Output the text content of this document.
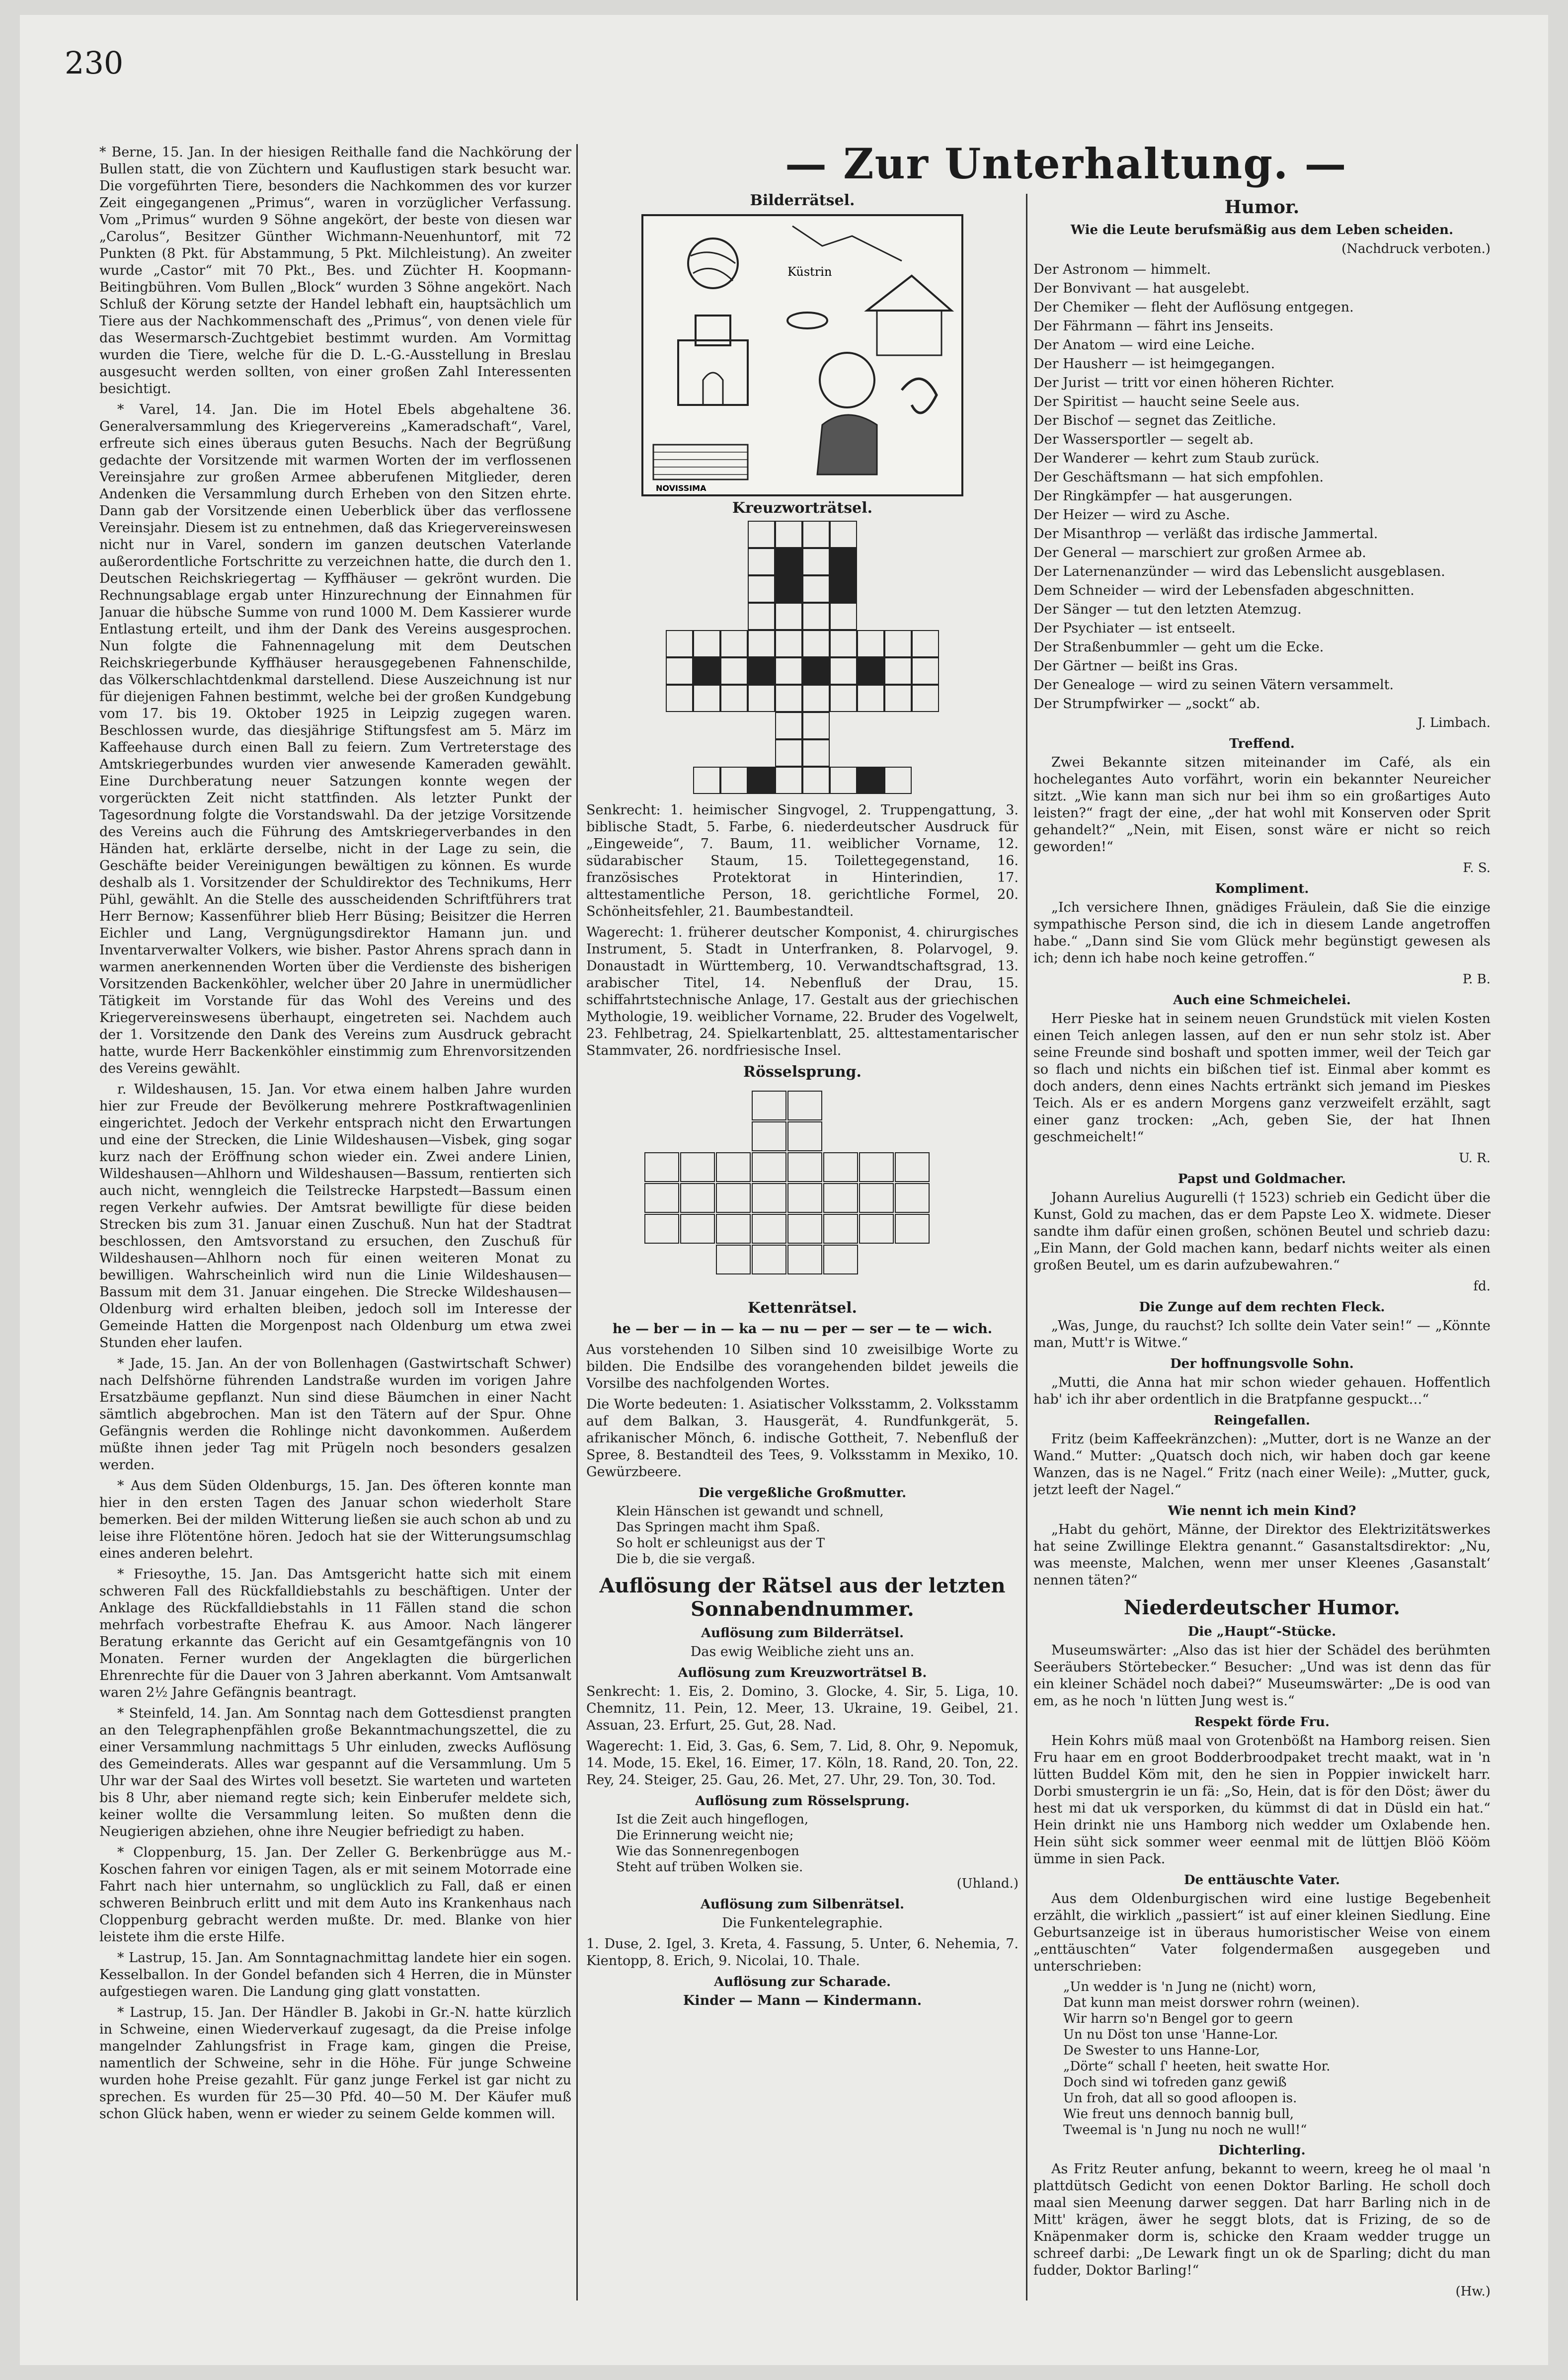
230
— Zur Unterhaltung. —

* Berne, 15. Jan. In der hiesigen Reithalle fand die Nachkörung der Bullen statt, die von Züchtern und Kauflustigen stark besucht war. Die vorgeführten Tiere, besonders die Nachkommen des vor kurzer Zeit eingegangenen „Primus“, waren in vorzüglicher Verfassung. Vom „Primus“ wurden 9 Söhne angekört, der beste von diesen war „Carolus“, Besitzer Günther Wichmann-Neuenhuntorf, mit 72 Punkten (8 Pkt. für Abstammung, 5 Pkt. Milchleistung). An zweiter wurde „Castor“ mit 70 Pkt., Bes. und Züchter H. Koopmann-Beitingbühren. Vom Bullen „Block“ wurden 3 Söhne angekört. Nach Schluß der Körung setzte der Handel lebhaft ein, hauptsächlich um Tiere aus der Nachkommenschaft des „Primus“, von denen viele für das Wesermarsch-Zuchtgebiet bestimmt wurden. Am Vormittag wurden die Tiere, welche für die D. L.-G.-Ausstellung in Breslau ausgesucht werden sollten, von einer großen Zahl Interessenten besichtigt.

* Varel, 14. Jan. Die im Hotel Ebels abgehaltene 36. Generalversammlung des Kriegervereins „Kameradschaft“, Varel, erfreute sich eines überaus guten Besuchs. Nach der Begrüßung gedachte der Vorsitzende mit warmen Worten der im verflossenen Vereinsjahre zur großen Armee abberufenen Mitglieder, deren Andenken die Versammlung durch Erheben von den Sitzen ehrte. Dann gab der Vorsitzende einen Ueberblick über das verflossene Vereinsjahr. Diesem ist zu entnehmen, daß das Kriegervereinswesen nicht nur in Varel, sondern im ganzen deutschen Vaterlande außerordentliche Fortschritte zu verzeichnen hatte, die durch den 1. Deutschen Reichskriegertag — Kyffhäuser — gekrönt wurden. Die Rechnungsablage ergab unter Hinzurechnung der Einnahmen für Januar die hübsche Summe von rund 1000 M. Dem Kassierer wurde Entlastung erteilt, und ihm der Dank des Vereins ausgesprochen. Nun folgte die Fahnennagelung mit dem Deutschen Reichskriegerbunde Kyffhäuser herausgegebenen Fahnenschilde, das Völkerschlachtdenkmal darstellend. Diese Auszeichnung ist nur für diejenigen Fahnen bestimmt, welche bei der großen Kundgebung vom 17. bis 19. Oktober 1925 in Leipzig zugegen waren. Beschlossen wurde, das diesjährige Stiftungsfest am 5. März im Kaffeehause durch einen Ball zu feiern. Zum Vertreterstage des Amtskriegerbundes wurden vier anwesende Kameraden gewählt. Eine Durchberatung neuer Satzungen konnte wegen der vorgerückten Zeit nicht stattfinden. Als letzter Punkt der Tagesordnung folgte die Vorstandswahl. Da der jetzige Vorsitzende des Vereins auch die Führung des Amtskriegerverbandes in den Händen hat, erklärte derselbe, nicht in der Lage zu sein, die Geschäfte beider Vereinigungen bewältigen zu können. Es wurde deshalb als 1. Vorsitzender der Schuldirektor des Technikums, Herr Pühl, gewählt. An die Stelle des ausscheidenden Schriftführers trat Herr Bernow; Kassenführer blieb Herr Büsing; Beisitzer die Herren Eichler und Lang, Vergnügungsdirektor Hamann jun. und Inventarverwalter Volkers, wie bisher. Pastor Ahrens sprach dann in warmen anerkennenden Worten über die Verdienste des bisherigen Vorsitzenden Backenköhler, welcher über 20 Jahre in unermüdlicher Tätigkeit im Vorstande für das Wohl des Vereins und des Kriegervereinswesens überhaupt, eingetreten sei. Nachdem auch der 1. Vorsitzende den Dank des Vereins zum Ausdruck gebracht hatte, wurde Herr Backenköhler einstimmig zum Ehrenvorsitzenden des Vereins gewählt.

r. Wildeshausen, 15. Jan. Vor etwa einem halben Jahre wurden hier zur Freude der Bevölkerung mehrere Postkraftwagenlinien eingerichtet. Jedoch der Verkehr entsprach nicht den Erwartungen und eine der Strecken, die Linie Wildeshausen—Visbek, ging sogar kurz nach der Eröffnung schon wieder ein. Zwei andere Linien, Wildeshausen—Ahlhorn und Wildeshausen—Bassum, rentierten sich auch nicht, wenngleich die Teilstrecke Harpstedt—Bassum einen regen Verkehr aufwies. Der Amtsrat bewilligte für diese beiden Strecken bis zum 31. Januar einen Zuschuß. Nun hat der Stadtrat beschlossen, den Amtsvorstand zu ersuchen, den Zuschuß für Wildeshausen—Ahlhorn noch für einen weiteren Monat zu bewilligen. Wahrscheinlich wird nun die Linie Wildeshausen—Bassum mit dem 31. Januar eingehen. Die Strecke Wildeshausen—Oldenburg wird erhalten bleiben, jedoch soll im Interesse der Gemeinde Hatten die Morgenpost nach Oldenburg um etwa zwei Stunden eher laufen.

* Jade, 15. Jan. An der von Bollenhagen (Gastwirtschaft Schwer) nach Delfshörne führenden Landstraße wurden im vorigen Jahre Ersatzbäume gepflanzt. Nun sind diese Bäumchen in einer Nacht sämtlich abgebrochen. Man ist den Tätern auf der Spur. Ohne Gefängnis werden die Rohlinge nicht davonkommen. Außerdem müßte ihnen jeder Tag mit Prügeln noch besonders gesalzen werden.

* Aus dem Süden Oldenburgs, 15. Jan. Des öfteren konnte man hier in den ersten Tagen des Januar schon wiederholt Stare bemerken. Bei der milden Witterung ließen sie auch schon ab und zu leise ihre Flötentöne hören. Jedoch hat sie der Witterungsumschlag eines anderen belehrt.

* Friesoythe, 15. Jan. Das Amtsgericht hatte sich mit einem schweren Fall des Rückfalldiebstahls zu beschäftigen. Unter der Anklage des Rückfalldiebstahls in 11 Fällen stand die schon mehrfach vorbestrafte Ehefrau K. aus Amoor. Nach längerer Beratung erkannte das Gericht auf ein Gesamtgefängnis von 10 Monaten. Ferner wurden der Angeklagten die bürgerlichen Ehrenrechte für die Dauer von 3 Jahren aberkannt. Vom Amtsanwalt waren 2½ Jahre Gefängnis beantragt.

* Steinfeld, 14. Jan. Am Sonntag nach dem Gottesdienst prangten an den Telegraphenpfählen große Bekanntmachungszettel, die zu einer Versammlung nachmittags 5 Uhr einluden, zwecks Auflösung des Gemeinderats. Alles war gespannt auf die Versammlung. Um 5 Uhr war der Saal des Wirtes voll besetzt. Sie warteten und warteten bis 8 Uhr, aber niemand regte sich; kein Einberufer meldete sich, keiner wollte die Versammlung leiten. So mußten denn die Neugierigen abziehen, ohne ihre Neugier befriedigt zu haben.

* Cloppenburg, 15. Jan. Der Zeller G. Berkenbrügge aus M.-Koschen fahren vor einigen Tagen, als er mit seinem Motorrade eine Fahrt nach hier unternahm, so unglücklich zu Fall, daß er einen schweren Beinbruch erlitt und mit dem Auto ins Krankenhaus nach Cloppenburg gebracht werden mußte. Dr. med. Blanke von hier leistete ihm die erste Hilfe.

* Lastrup, 15. Jan. Am Sonntagnachmittag landete hier ein sogen. Kesselballon. In der Gondel befanden sich 4 Herren, die in Münster aufgestiegen waren. Die Landung ging glatt vonstatten.

* Lastrup, 15. Jan. Der Händler B. Jakobi in Gr.-N. hatte kürzlich in Schweine, einen Wiederverkauf zugesagt, da die Preise infolge mangelnder Zahlungsfrist in Frage kam, gingen die Preise, namentlich der Schweine, sehr in die Höhe. Für junge Schweine wurden hohe Preise gezahlt. Für ganz junge Ferkel ist gar nicht zu sprechen. Es wurden für 25—30 Pfd. 40—50 M. Der Käufer muß schon Glück haben, wenn er wieder zu seinem Gelde kommen will.

Bilderrätsel.
Küstrin
NOVISSIMA
Kreuzworträtsel.

Senkrecht: 1. heimischer Singvogel, 2. Truppengattung, 3. biblische Stadt, 5. Farbe, 6. niederdeutscher Ausdruck für „Eingeweide“, 7. Baum, 11. weiblicher Vorname, 12. südarabischer Staum, 15. Toilettegegenstand, 16. französisches Protektorat in Hinterindien, 17. alttestamentliche Person, 18. gerichtliche Formel, 20. Schönheitsfehler, 21. Baumbestandteil.

Wagerecht: 1. früherer deutscher Komponist, 4. chirurgisches Instrument, 5. Stadt in Unterfranken, 8. Polarvogel, 9. Donaustadt in Württemberg, 10. Verwandtschaftsgrad, 13. arabischer Titel, 14. Nebenfluß der Drau, 15. schiffahrtstechnische Anlage, 17. Gestalt aus der griechischen Mythologie, 19. weiblicher Vorname, 22. Bruder des Vogelwelt, 23. Fehlbetrag, 24. Spielkartenblatt, 25. alttestamentarischer Stammvater, 26. nordfriesische Insel.

Rösselsprung.
Kettenrätsel.

he — ber — in — ka — nu — per — ser — te — wich.

Aus vorstehenden 10 Silben sind 10 zweisilbige Worte zu bilden. Die Endsilbe des vorangehenden bildet jeweils die Vorsilbe des nachfolgenden Wortes.

Die Worte bedeuten: 1. Asiatischer Volksstamm, 2. Volksstamm auf dem Balkan, 3. Hausgerät, 4. Rundfunkgerät, 5. afrikanischer Mönch, 6. indische Gottheit, 7. Nebenfluß der Spree, 8. Bestandteil des Tees, 9. Volksstamm in Mexiko, 10. Gewürzbeere.

Die vergeßliche Großmutter.

Klein Hänschen ist gewandt und schnell,

Das Springen macht ihm Spaß.

So holt er schleunigst aus der T

Die b, die sie vergaß.

Auflösung der Rätsel aus der letzten Sonnabendnummer.
Auflösung zum Bilderrätsel.

Das ewig Weibliche zieht uns an.

Auflösung zum Kreuzworträtsel B.

Senkrecht: 1. Eis, 2. Domino, 3. Glocke, 4. Sir, 5. Liga, 10. Chemnitz, 11. Pein, 12. Meer, 13. Ukraine, 19. Geibel, 21. Assuan, 23. Erfurt, 25. Gut, 28. Nad.

Wagerecht: 1. Eid, 3. Gas, 6. Sem, 7. Lid, 8. Ohr, 9. Nepomuk, 14. Mode, 15. Ekel, 16. Eimer, 17. Köln, 18. Rand, 20. Ton, 22. Rey, 24. Steiger, 25. Gau, 26. Met, 27. Uhr, 29. Ton, 30. Tod.

Auflösung zum Rösselsprung.

Ist die Zeit auch hingeflogen,

Die Erinnerung weicht nie;

Wie das Sonnenregenbogen

Steht auf trüben Wolken sie.

(Uhland.)

Auflösung zum Silbenrätsel.

Die Funkentelegraphie.

1. Duse, 2. Igel, 3. Kreta, 4. Fassung, 5. Unter, 6. Nehemia, 7. Kientopp, 8. Erich, 9. Nicolai, 10. Thale.

Auflösung zur Scharade.

Kinder — Mann — Kindermann.

Humor.
Wie die Leute berufsmäßig aus dem Leben scheiden.

(Nachdruck verboten.)

Der Astronom — himmelt.

Der Bonvivant — hat ausgelebt.

Der Chemiker — fleht der Auflösung entgegen.

Der Fährmann — fährt ins Jenseits.

Der Anatom — wird eine Leiche.

Der Hausherr — ist heimgegangen.

Der Jurist — tritt vor einen höheren Richter.

Der Spiritist — haucht seine Seele aus.

Der Bischof — segnet das Zeitliche.

Der Wassersportler — segelt ab.

Der Wanderer — kehrt zum Staub zurück.

Der Geschäftsmann — hat sich empfohlen.

Der Ringkämpfer — hat ausgerungen.

Der Heizer — wird zu Asche.

Der Misanthrop — verläßt das irdische Jammertal.

Der General — marschiert zur großen Armee ab.

Der Laternenanzünder — wird das Lebenslicht ausgeblasen.

Dem Schneider — wird der Lebensfaden abgeschnitten.

Der Sänger — tut den letzten Atemzug.

Der Psychiater — ist entseelt.

Der Straßenbummler — geht um die Ecke.

Der Gärtner — beißt ins Gras.

Der Genealoge — wird zu seinen Vätern versammelt.

Der Strumpfwirker — „sockt“ ab.

J. Limbach.

Treffend.

Zwei Bekannte sitzen miteinander im Café, als ein hochelegantes Auto vorfährt, worin ein bekannter Neureicher sitzt. „Wie kann man sich nur bei ihm so ein großartiges Auto leisten?“ fragt der eine, „der hat wohl mit Konserven oder Sprit gehandelt?“ „Nein, mit Eisen, sonst wäre er nicht so reich geworden!“

F. S.

Kompliment.

„Ich versichere Ihnen, gnädiges Fräulein, daß Sie die einzige sympathische Person sind, die ich in diesem Lande angetroffen habe.“ „Dann sind Sie vom Glück mehr begünstigt gewesen als ich; denn ich habe noch keine getroffen.“

P. B.

Auch eine Schmeichelei.

Herr Pieske hat in seinem neuen Grundstück mit vielen Kosten einen Teich anlegen lassen, auf den er nun sehr stolz ist. Aber seine Freunde sind boshaft und spotten immer, weil der Teich gar so flach und nichts ein bißchen tief ist. Einmal aber kommt es doch anders, denn eines Nachts ertränkt sich jemand im Pieskes Teich. Als er es andern Morgens ganz verzweifelt erzählt, sagt einer ganz trocken: „Ach, geben Sie, der hat Ihnen geschmeichelt!“

U. R.

Papst und Goldmacher.

Johann Aurelius Augurelli († 1523) schrieb ein Gedicht über die Kunst, Gold zu machen, das er dem Papste Leo X. widmete. Dieser sandte ihm dafür einen großen, schönen Beutel und schrieb dazu: „Ein Mann, der Gold machen kann, bedarf nichts weiter als einen großen Beutel, um es darin aufzubewahren.“

fd.

Die Zunge auf dem rechten Fleck.

„Was, Junge, du rauchst? Ich sollte dein Vater sein!“ — „Könnte man, Mutt'r is Witwe.“

Der hoffnungsvolle Sohn.

„Mutti, die Anna hat mir schon wieder gehauen. Hoffentlich hab' ich ihr aber ordentlich in die Bratpfanne gespuckt…“

Reingefallen.

Fritz (beim Kaffeekränzchen): „Mutter, dort is ne Wanze an der Wand.“ Mutter: „Quatsch doch nich, wir haben doch gar keene Wanzen, das is ne Nagel.“ Fritz (nach einer Weile): „Mutter, guck, jetzt leeft der Nagel.“

Wie nennt ich mein Kind?

„Habt du gehört, Männe, der Direktor des Elektrizitätswerkes hat seine Zwillinge Elektra genannt.“ Gasanstaltsdirektor: „Nu, was meenste, Malchen, wenn mer unser Kleenes ‚Gasanstalt‘ nennen täten?“

Niederdeutscher Humor.
Die „Haupt“-Stücke.

Museumswärter: „Also das ist hier der Schädel des berühmten Seeräubers Störtebecker.“ Besucher: „Und was ist denn das für ein kleiner Schädel noch dabei?“ Museumswärter: „De is ood van em, as he noch 'n lütten Jung west is.“

Respekt förde Fru.

Hein Kohrs müß maal von Grotenbößt na Hamborg reisen. Sien Fru haar em en groot Bodderbroodpaket trecht maakt, wat in 'n lütten Buddel Köm mit, den he sien in Poppier inwickelt harr. Dorbi smustergrin ie un fä: „So, Hein, dat is för den Döst; äwer du hest mi dat uk versporken, du kümmst di dat in Düsld ein hat.“ Hein drinkt nie uns Hamborg nich wedder um Oxlabende hen. Hein süht sick sommer weer eenmal mit de lüttjen Blöö Kööm ümme in sien Pack.

De enttäuschte Vater.

Aus dem Oldenburgischen wird eine lustige Begebenheit erzählt, die wirklich „passiert“ ist auf einer kleinen Siedlung. Eine Geburtsanzeige ist in überaus humoristischer Weise von einem „enttäuschten“ Vater folgendermaßen ausgegeben und unterschrieben:

„Un wedder is 'n Jung ne (nicht) worn,

Dat kunn man meist dorswer rohrn (weinen).

Wir harrn so'n Bengel gor to geern

Un nu Döst ton unse 'Hanne-Lor.

De Swester to uns Hanne-Lor,

„Dörte“ schall ſ' heeten, heit swatte Hor.

Doch sind wi tofreden ganz gewiß

Un froh, dat all so good afloopen is.

Wie freut uns dennoch bannig bull,

Tweemal is 'n Jung nu noch ne wull!“

Dichterling.

As Fritz Reuter anfung, bekannt to weern, kreeg he ol maal 'n plattdütsch Gedicht von eenen Doktor Barling. He scholl doch maal sien Meenung darwer seggen. Dat harr Barling nich in de Mitt' krägen, äwer he seggt blots, dat is Frizing, de so de Knäpenmaker dorm is, schicke den Kraam wedder trugge un schreef darbi: „De Lewark fingt un ok de Sparling; dicht du man fudder, Doktor Barling!“

(Hw.)
